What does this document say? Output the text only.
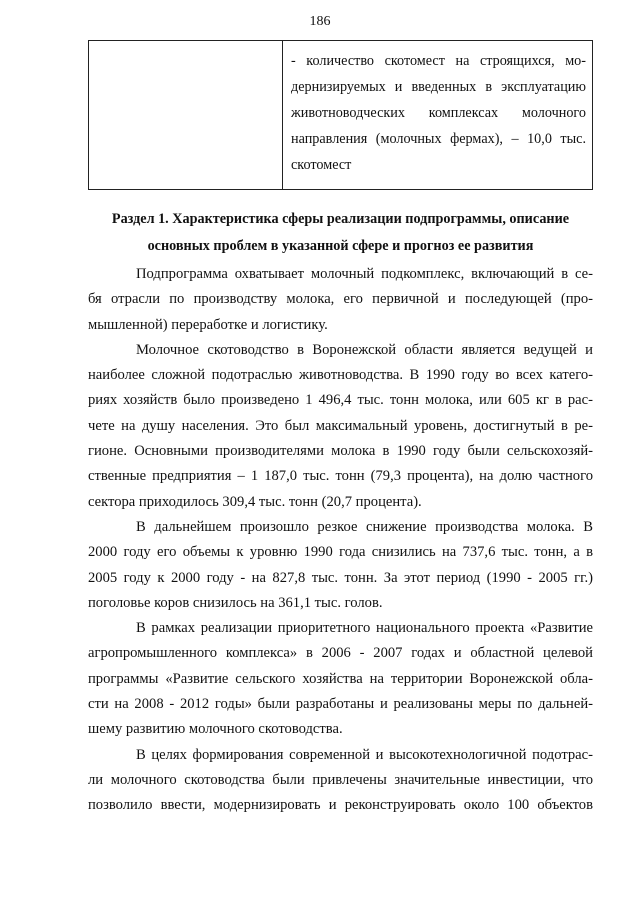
186
- количество скотомест на строящихся, мо-
дернизируемых и введенных в эксплуатацию
животноводческих комплексах молочного
направления (молочных фермах), – 10,0 тыс.
скотомест
Раздел 1. Характеристика сферы реализации подпрограммы, описание
основных проблем в указанной сфере и прогноз ее развития
Подпрограмма охватывает молочный подкомплекс, включающий в се-
бя отрасли по производству молока, его первичной и последующей (про-
мышленной) переработке и логистику.
Молочное скотоводство в Воронежской области является ведущей и
наиболее сложной подотраслью животноводства. В 1990 году во всех катего-
риях хозяйств было произведено 1 496,4 тыс. тонн молока, или 605 кг в рас-
чете на душу населения. Это был максимальный уровень, достигнутый в ре-
гионе. Основными производителями молока в 1990 году были сельскохозяй-
ственные предприятия – 1 187,0 тыс. тонн (79,3 процента), на долю частного
сектора приходилось 309,4 тыс. тонн (20,7 процента).
В дальнейшем произошло резкое снижение производства молока. В
2000 году его объемы к уровню 1990 года снизились на 737,6 тыс. тонн, а в
2005 году к 2000 году - на 827,8 тыс. тонн. За этот период (1990 - 2005 гг.)
поголовье коров снизилось на 361,1 тыс. голов.
В рамках реализации приоритетного национального проекта «Развитие
агропромышленного комплекса» в 2006 - 2007 годах и областной целевой
программы «Развитие сельского хозяйства на территории Воронежской обла-
сти на 2008 - 2012 годы» были разработаны и реализованы меры по дальней-
шему развитию молочного скотоводства.
В целях формирования современной и высокотехнологичной подотрас-
ли молочного скотоводства были привлечены значительные инвестиции, что
позволило ввести, модернизировать и реконструировать около 100 объектов
